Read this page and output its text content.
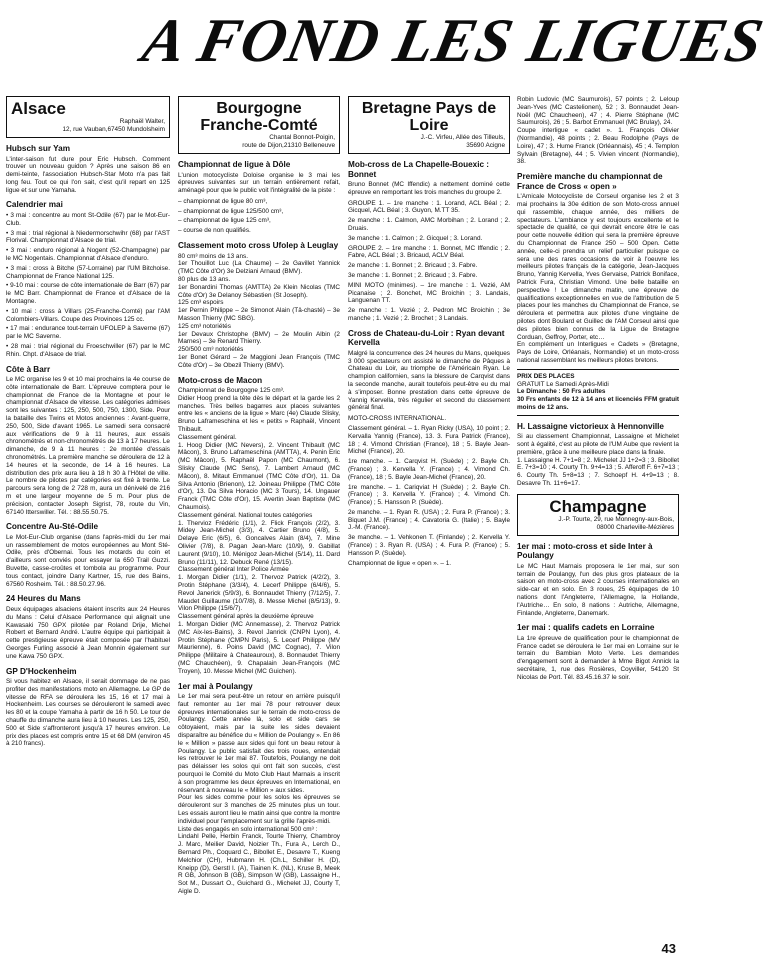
A FOND LES LIGUES
Alsace
Raphaël Walter,
12, rue Vauban,67450 Mundolsheim
Hubsch sur Yam

L'inter-saison fut dure pour Eric Hubsch. Comment trouver un nouveau guidon ? Après une saison 86 en demi-teinte, l'association Hubsch-Star Moto n'a pas fait long feu. Tout ce qui l'on sait, c'est qu'il repart en 125 ligue et sur une Yamaha.

Calendrier mai

• 3 mai : concentre au mont St-Odile (67) par le Mot-Eur-Club.

• 3 mai : trial régional à Niedermorschwihr (68) par l'AST Florival. Championnat d'Alsace de trial.

• 3 mai : enduro régional à Nogent (52-Champagne) par le MC Nogentais. Championnat d'Alsace d'enduro.

• 3 mai : cross à Bitche (57-Lorraine) par l'UM Bitchoise. Championnat de France National 125.

• 9-10 mai : course de côte internationale de Barr (67) par le MC Barr. Championnat de France et d'Alsace de la Montagne.

• 10 mai : cross à Villars (25-Franche-Comté) par l'AM Colombiers-Villars. Coupe des Provinces 125 cc.

• 17 mai : endurance tout-terrain UFOLEP à Saverne (67) par le MC Saverne.

• 28 mai : trial régional du Froeschwiller (67) par le MC Rhin. Chpt. d'Alsace de trial.

Côte à Barr

Le MC organise les 9 et 10 mai prochains la 4e course de côte internationale de Barr. L'épreuve comptera pour le championnat de France de la Montagne et pour le championnat d'Alsace de vitesse. Les catégories admises sont les suivantes : 125, 250, 500, 750, 1300, Side. Pour la bataille des Twins et Motos anciennes : Avant-guerre, 250, 500, Side d'avant 1965. Le samedi sera consacré aux vérifications de 9 à 11 heures, aux essais chronométrés et non-chronométrés de 13 à 17 heures. Le dimanche, de 9 à 11 heures : 2e montée d'essais chronométrés. La première manche se déroulera de 12 à 14 heures et la seconde, de 14 à 16 heures. La distribution des prix aura lieu à 18 h 30 à l'Hôtel de ville. Le nombre de pilotes par catégories est fixé à trente. Le parcours sera long de 2 728 m, aura un dénivelé de 216 m et une largeur moyenne de 5 m. Pour plus de précision, contacter Joseph Sigrist, 78, route du Vin, 67140 Itterswiller. Tél. : 88.55.50.75.

Concentre Au-Sté-Odile

Le Mot-Eur-Club organise (dans l'après-midi du 1er mai un rassemblement de motos européennes au Mont Sté-Odile, près d'Obernai. Tous les motards du coin et d'ailleurs sont conviés pour essayer la 650 Trail Guzzi. Buvette, casse-croûtes et tombola au programme. Pour tous contact, joindre Dany Kartner, 15, rue des Bains, 67560 Rosheim. Tél. : 88.50.27.96.

24 Heures du Mans

Deux équipages alsaciens étaient inscrits aux 24 Heures du Mans : Celui d'Alsace Performance qui alignait une Kawasaki 750 GPX pilotée par Roland Drije, Michel Robert et Bernard André. L'autre équipe qui participait à cette prestigieuse épreuve était composée par l'habituel Georges Furling associé à Jean Monnin également sur une Kawa 750 GPX.

GP D'Hockenheim

Si vous habitez en Alsace, il serait dommage de ne pas profiter des manifestations moto en Allemagne. Le GP de vitesse de RFA se déroulera les 15, 16 et 17 mai à Hockenheim. Les courses se dérouleront le samedi avec les 80 et la coupe Yamaha à partir de 16 h 50. Le tour de chauffe du dimanche aura lieu à 10 heures. Les 125, 250, 500 et Side s'affronteront jusqu'à 17 heures environ. Le prix des places est compris entre 15 et 68 DM (environ 45 à 210 francs).

Bourgogne Franche-Comté
Chantal Bonnot-Poigin,
route de Dijon,21310 Belleneuve
Championnat de ligue à Dôle

L'union motocycliste Doloise organise le 3 mai les épreuves suivantes sur un terrain entièrement refait, aménagé pour que le public voit l'intégralité de la piste :

– championnat de ligue 80 cm³,

– championnat de ligue 125/500 cm³,

– championnat de ligue 125 cm³,

– course de non qualifiés.

Classement moto cross Ufolep à Leuglay

80 cm³ moins de 13 ans.
1er Thouillot Luc (La Chaume) – 2e Gavillet Yannick (TMC Côte d'Or) 3e Delziani Arnaud (BMV).
80 plus de 13 ans.
1er Bonardini Thomas (AMTTA) 2e Klein Nicolas (TMC Côte d'Or) 3e Delanoy Sébastien (St Joseph).
125 cm³ espoirs
1er Pernin Philippe – 2e Simonot Alain (Tâ-chasté) – 3e Masson Thierry (MC SBG).
125 cm³ notoriétés
1er Devaux Christophe (BMV) – 2e Moulin Albin (2 Marnes) – 3e Renard Thierry.
250/500 cm³ notoriétés
1er Bonet Gérard – 2e Maggioni Jean François (TMC Côte d'Or) – 3e Obezil Thierry (BMV).

Moto-cross de Macon

Championnat de Bourgogne 125 cm³.
Didier Hoog prend la tête dès le départ et la garde les 2 manches. Très belles bagarres aux places suivantes entre les « anciens de la ligue » Marc (4e) Claude Slisky, Bruno Laframeschina et les « petits » Raphaël, Vincent Thibault.
Classement général.
1. Hoog Didier (MC Nevers), 2. Vincent Thibault (MC Mâcon), 3. Bruno Laframeschina (AMTTA), 4. Penin Eric (MC Mâcon), 5. Raphaël Papon (MC Chaumont), 6. Slisky Claude (MC Sens), 7. Lambert Arnaud (MC Mâcon), 8. Mitaut Emmanuel (TMC Côte d'Or), 11. Da Silva Antonio (Brienon), 12. Joineau Philippe (TMC Côte d'Or), 13. Da Silva Horacio (MC 3 Tours), 14. Ungauer Franck (TMC Côte d'Or), 15. Avertin Jean Baptiste (MC Chaumois).
Classement général. National toutes catégories
1. Thervioz Frédéric (1/1), 2. Flick François (2/2), 3. Midey Jean-Michel (3/3), 4. Cartier Bruno (4/8), 5. Delaye Eric (6/5), 6. Goncalves Alain (8/4), 7. Mine Olivier (7/8), 8. Pagan Jean-Marc (10/9), 9. Gabillat Laurent (9/10), 10. Ménigoz Jean-Michel (5/14), 11. Dard Bruno (11/11), 12. Debuck René (13/15).
Classement général Inter Police Armée
1. Morgan Didier (1/1), 2. Thervoz Patrick (4/2/2), 3. Protin Stéphane (3/3/4), 4. Lecerf Philippe (6/4/6), 5. Revol Janerick (5/9/3), 6. Bonnaudet Thierry (7/12/5), 7. Maudet Guillaume (10/7/8), 8. Messe Michel (8/5/13), 9. Vilon Philippe (15/6/7).
Classement général après la deuxième épreuve
1. Morgan Didier (MC Annemasse), 2. Thervoz Patrick (MC Aix-les-Bains), 3. Revol Janrick (CNPN Lyon), 4. Protin Stéphane (CMPN Paris), 5. Lecerf Philippe (MV Maurienne), 6. Poins David (MC Cognac), 7. Vilon Philippe (Militaire à Chateauroux), 8. Bonnaudet Thierry (MC Chauchéen), 9. Chapalain Jean-François (MC Troyen), 10. Messe Michel (MC Guichen).

1er mai à Poulangy

Le 1er mai sera peut-être un retour en arrière puisqu'il faut remonter au 1er mai 78 pour retrouver deux épreuves internationales sur le terrain de moto-cross de Poulangy. Cette année là, solo et side cars se côtoyaient, mais par la suite les sides devaient disparaître au bénéfice du « Million de Poulangy ». En 86 le « Million » passe aux sides qui font un beau retour à Poulangy. Le public satisfait des trois roues, entendait les retrouver le 1er mai 87. Toutefois, Poulangy ne doit pas délaisser les solos qui ont fait son succès, c'est pourquoi le Comité du Moto Club Haut Marnais a inscrit à son programme les deux épreuves en International, en réservant à nouveau le « Million » aux sides.
Pour les sides comme pour les solos les épreuves se dérouleront sur 3 manches de 25 minutes plus un tour. Les essais auront lieu le matin ainsi que contre la montre individuel pour l'emplacement sur la grille l'après-midi.
Liste des engagés en solo international 500 cm³ :
Lindahl Pelle, Herbin Franck, Tourte Thierry, Chambroy J. Marc, Meilier David, Noizier Th., Fura A., Lerch D., Bernard Ph., Coquard C., Bibollet E., Desavre T., Kueng Melchior (CH), Hubmann H. (Ch.L, Schiller H. (D), Kneipp (D), Gerstl I. (A), Tiainen K. (NL), Kruse B, Meek R GB, Johnson B (GB), Simpson W (GB), Lassaigne H., Sot M., Dussart O., Guichard G., Michelet JJ, Courty T, Aigle D.

Bretagne Pays de Loire
J.-C. Virfeu, Allée des Tilleuls,
35690 Acigne
Mob-cross de La Chapelle-Bouexic : Bonnet

Bruno Bonnet (MC Iffendic) a nettement dominé cette épreuve en remportant les trois manches du groupe 2.

GROUPE 1. – 1re manche : 1. Lorand, ACL Béal ; 2. Gicquel, ACL Béal ; 3. Guyon, M.TT 35.

2e manche : 1. Calmon, AMC Morbihan ; 2. Lorand ; 2. Druais.

3e manche : 1. Calmon ; 2. Gicquel ; 3. Lorand.

GROUPE 2. – 1re manche : 1. Bonnet, MC Iffendic ; 2. Fabre, ACL Béal ; 3. Bricaud, ACLV Béal.

2e manche : 1. Bonnet ; 2. Bricaud ; 3. Fabre.

3e manche : 1. Bonnet ; 2. Bricaud ; 3. Fabre.

MINI MOTO (minimes). – 1re manche : 1. Vezié, AM Picanaise ; 2. Bonchet, MC Broichin ; 3. Landais, Languenan TT.

2e manche : 1. Vezié ; 2. Pedron MC Broichin ; 3e manche ; 1. Vezié ; 2. Brochet ; 3 Landais.

Cross de Chateau-du-Loir : Ryan devant Kervella

Malgré la concurrence des 24 heures du Mans, quelques 3 000 spectateurs ont assisté le dimanche de Pâques à Chateau du Loir, au triomphe de l'Américain Ryan. Le champion californien, sans la blessure de Carqvist dans la seconde manche, aurait toutefois peut-être eu du mal à s'imposer. Bonne prestation dans cette épreuve de Yannig Kervella, très régulier et second du classement général final.

MOTO-CROSS INTERNATIONAL.

Classement général. – 1. Ryan Ricky (USA), 10 point ; 2. Kervalla Yannig (France), 13. 3. Fura Patrick (France), 18 ; 4. Vimond Christian (France), 18 ; 5. Bayle Jean-Michel (France), 20.

1re manche. – 1. Carqvist H. (Suède) ; 2. Bayle Ch. (France) ; 3. Kervella Y. (France) ; 4. Vimond Ch. (France), 18 ; 5. Bayle Jean-Michel (France), 20.

1re manche. – 1. Cariqviat H (Suède) ; 2. Bayle Ch. (France) ; 3. Kervella Y. (France) ; 4. Vimond Ch. (France) ; 5. Hansson P. (Suède).

2e manche. – 1. Ryan R. (USA) ; 2. Fura P. (France) ; 3. Biquet J.M. (France) ; 4. Cavatoria G. (Italie) ; 5. Bayle J.-M. (France).

3e manche. – 1. Vehkonen T. (Finlande) ; 2. Kervella Y. (France) ; 3. Ryan R. (USA) ; 4. Fura P. (France) ; 5. Hansson P. (Suède).

Championnat de ligue « open ». – 1.

Robin Ludovic (MC Saumurois), 57 points ; 2. Leloup Jean-Yves (MC Castelionen), 52 ; 3. Bonnaudet Jean-Noël (MC Chaucheen), 47 ; 4. Pierre Stéphane (MC Saumurois), 26 ; 5. Barbot Emmanuel (MC Brulay), 24.
Coupe interligue « cadet ». 1. François Olivier (Normandie), 48 points ; 2. Beau Rodolphe (Pays de Loire), 47 ; 3. Hume Franck (Orléannais), 45 ; 4. Templon Sylvain (Bretagne), 44 ; 5. Vivien vincent (Normandie), 38.

Première manche du championnat de France de Cross « open »

L'Amicale Motocycliste de Corseul organise les 2 et 3 mai prochains la 30e édition de son Moto-cross annuel qui rassemble, chaque année, des milliers de spectateurs. L'ambiance y est toujours excellente et le spectacle de qualité, ce qui devrait encore être le cas pour cette nouvelle édition qui sera la première épreuve du Championnat de France 250 – 500 Open. Cette année, celle-ci prendra un relief particulier puisque ce sera une des rares occasions de voir à l'oeuvre les meilleurs pilotes français de la catégorie, Jean-Jacques Bruno, Yannig Kervella, Yves Gervaise, Patrick Boniface, Patrick Fura, Christian Vimond. Une belle bataille en perspective ! Le dimanche matin, une épreuve de qualifications exceptionnelles en vue de l'attribution de 5 places pour les manches du Championnat de France, se déroulera et permettra aux pilotes d'une vingtaine de pilotes dont Boulard et Guillec de l'AM Corseul ainsi que des pilotes bien connus de la Ligue de Bretagne Corduan, Geffroy, Porter, etc…
En complément un Interligues « Cadets » (Bretagne, Pays de Loire, Orléanais, Normandie) et un moto-cross national rassemblant les meilleurs pilotes bretons.

PRIX DES PLACES
GRATUIT Le Samedi Après-Midi
Le Dimanche : 50 Frs adultes
30 Frs enfants de 12 à 14 ans et licenciés FFM gratuit moins de 12 ans.
H. Lassaigne victorieux à Hennonville

Si au classement Championnat, Lassaigne et Michelet sont à égalité, c'est au pilote de l'UM Aube que revient la première, grâce à une meilleure place dans la finale.
1. Lassaigne H. 7+1=8 ; 2. Michelet JJ 1+2=3 ; 3. Bibollet E. 7+3=10 ; 4. Courty Th. 9+4=13 ; 5. Afferoff F. 6+7=13 ; 6. Courty Th. 5+8=13 ; 7. Schoepf H. 4+9=13 ; 8. Desavre Th. 11+6=17.

Champagne
J.-P. Tourte, 29, rue Monnegny-aux-Bois,
08000 Charleville-Mézières
1er mai : moto-cross et side Inter à Poulangy

Le MC Haut Marnais proposera le 1er mai, sur son terrain de Poulangy, l'un des plus gros plateaux de la saison en moto-cross avec 2 courses internationales en side-car et en solo. En 3 roues, 25 équipages de 10 nations dont l'Angleterre, l'Allemagne, la Hollande, l'Autriche… En solo, 8 nations : Autriche, Allemagne, Finlande, Angleterre, Danemark.

1er mai : qualifs cadets en Lorraine

La 1re épreuve de qualification pour le championnat de France cadet se déroulera le 1er mai en Lorraine sur le terrain du Bambian Moto Verte. Les demandes d'engagement sont à demander à Mme Bigot Annick la secrétaire, 1, rue des Rosières, Coyviller, 54120 St Nicolas de Port. Tél. 83.45.16.37 le soir.

43
